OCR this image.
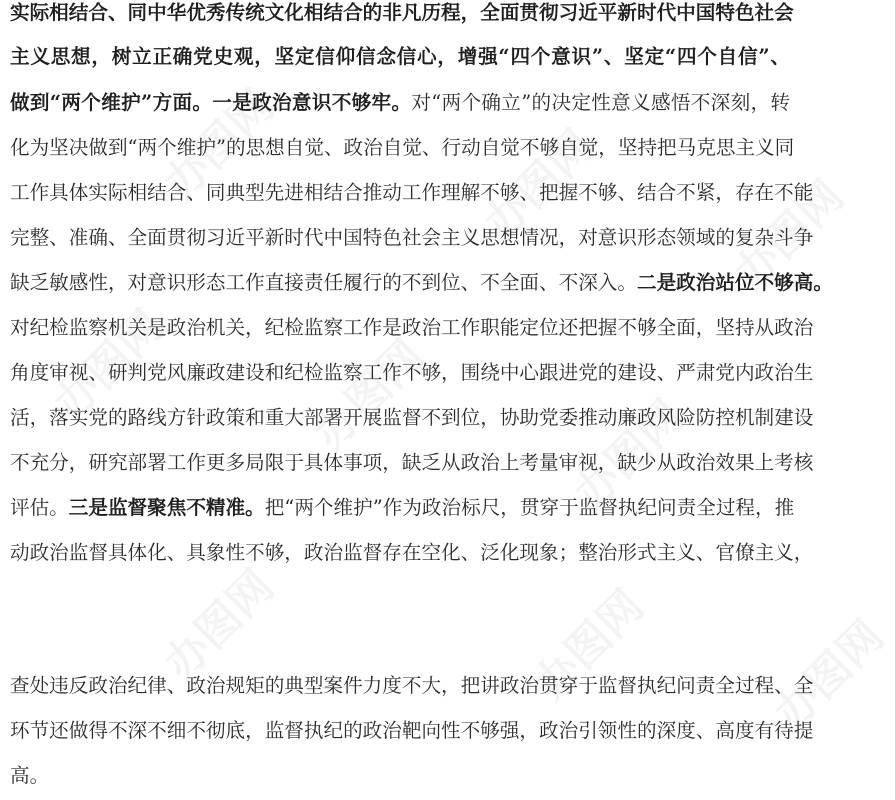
实际相结合、同中华优秀传统文化相结合的非凡历程，全面贯彻习近平新时代中国特色社会
主义思想，树立正确党史观，坚定信仰信念信心，增强“四个意识”、坚定“四个自信”、
做到“两个维护”方面。一是政治意识不够牢。对“两个确立”的决定性意义感悟不深刻，转
化为坚决做到“两个维护”的思想自觉、政治自觉、行动自觉不够自觉，坚持把马克思主义同
工作具体实际相结合、同典型先进相结合推动工作理解不够、把握不够、结合不紧，存在不能
完整、准确、全面贯彻习近平新时代中国特色社会主义思想情况，对意识形态领域的复杂斗争
缺乏敏感性，对意识形态工作直接责任履行的不到位、不全面、不深入。二是政治站位不够高。
对纪检监察机关是政治机关，纪检监察工作是政治工作职能定位还把握不够全面，坚持从政治
角度审视、研判党风廉政建设和纪检监察工作不够，围绕中心跟进党的建设、严肃党内政治生
活，落实党的路线方针政策和重大部署开展监督不到位，协助党委推动廉政风险防控机制建设
不充分，研究部署工作更多局限于具体事项，缺乏从政治上考量审视，缺少从政治效果上考核
评估。三是监督聚焦不精准。把“两个维护”作为政治标尺，贯穿于监督执纪问责全过程，推
动政治监督具体化、具象性不够，政治监督存在空化、泛化现象；整治形式主义、官僚主义，
查处违反政治纪律、政治规矩的典型案件力度不大，把讲政治贯穿于监督执纪问责全过程、全
环节还做得不深不细不彻底，监督执纪的政治靶向性不够强，政治引领性的深度、高度有待提
高。
